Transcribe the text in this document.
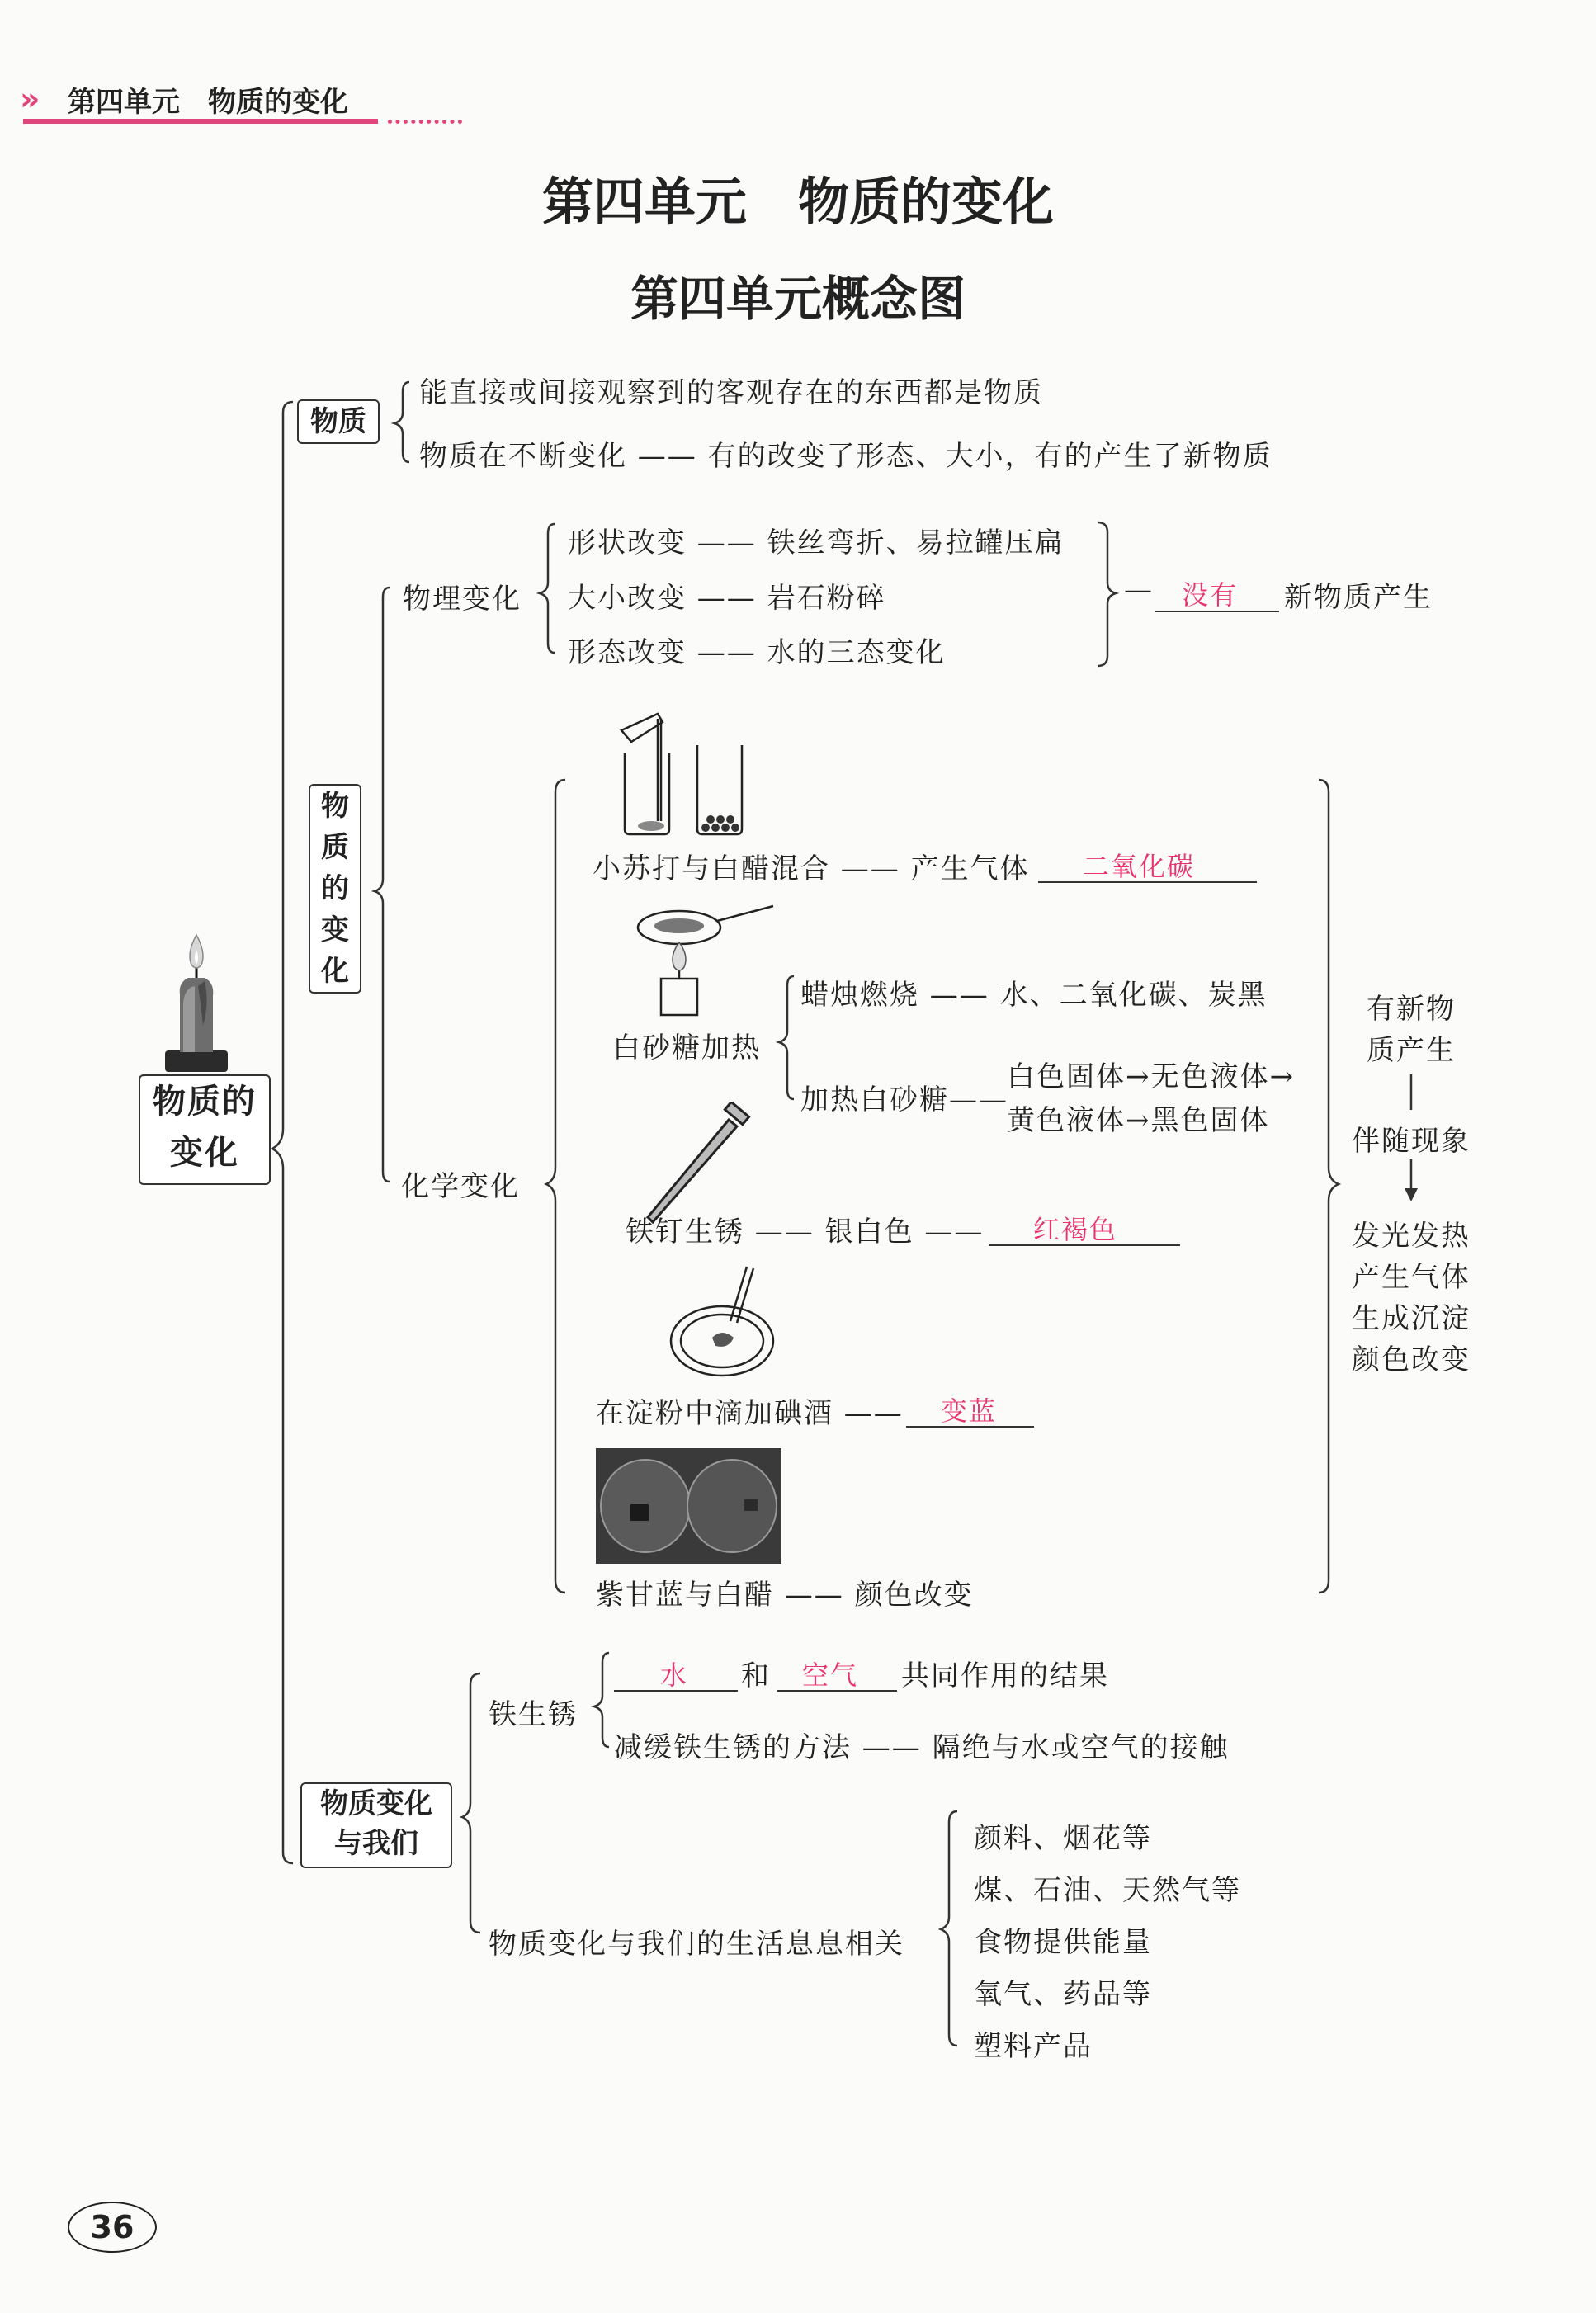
» 第四单元 物质的变化
第四单元　物质的变化
第四单元概念图
物质的变化
物质
能直接或间接观察到的客观存在的东西都是物质
物质在不断变化 —— 有的改变了形态、大小，有的产生了新物质
物质的变化
物理变化
形状改变 —— 铁丝弯折、易拉罐压扁
大小改变 —— 岩石粉碎
形态改变 —— 水的三态变化
— 没有 新物质产生
化学变化
小苏打与白醋混合 —— 产生气体 二氧化碳
白砂糖加热
蜡烛燃烧 —— 水、二氧化碳、炭黑
加热白砂糖——
白色固体→无色液体→
黄色液体→黑色固体
铁钉生锈 —— 银白色 —— 红褐色
在淀粉中滴加碘酒 —— 变蓝
紫甘蓝与白醋 —— 颜色改变
有新物
质产生
伴随现象
发光发热
产生气体
生成沉淀
颜色改变
物质变化
与我们
铁生锈
水 和 空气 共同作用的结果
减缓铁生锈的方法 —— 隔绝与水或空气的接触
物质变化与我们的生活息息相关
颜料、烟花等
煤、石油、天然气等
食物提供能量
氧气、药品等
塑料产品
36
